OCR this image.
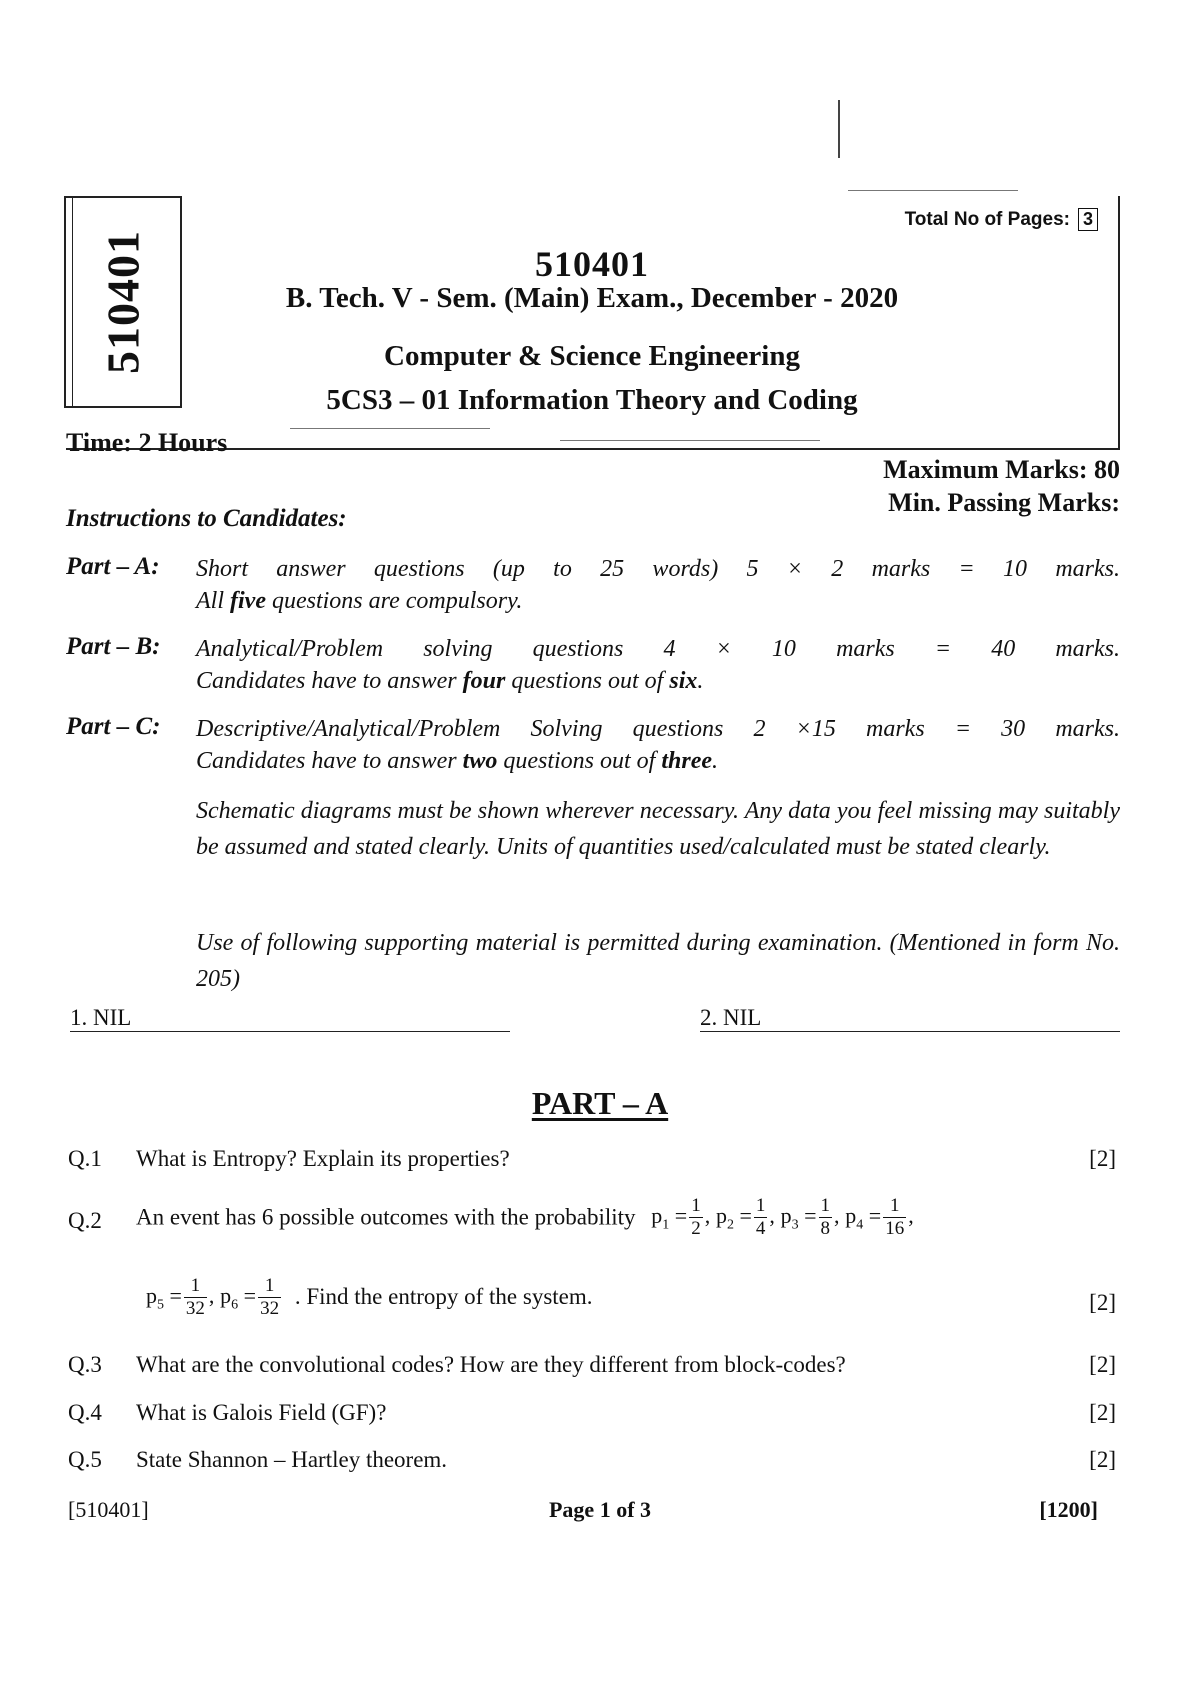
510401
Total No of Pages: 3
510401
B. Tech. V - Sem. (Main) Exam., December - 2020
Computer & Science Engineering
5CS3 – 01 Information Theory and Coding
Time: 2 Hours
Maximum Marks: 80
Min. Passing Marks:
Instructions to Candidates:
Part – A: Short answer questions (up to 25 words) 5 × 2 marks = 10 marks.
All five questions are compulsory.
Part – B: Analytical/Problem solving questions 4 × 10 marks = 40 marks.
Candidates have to answer four questions out of six.
Part – C: Descriptive/Analytical/Problem Solving questions 2 ×15 marks = 30 marks.
Candidates have to answer two questions out of three.
Schematic diagrams must be shown wherever necessary. Any data you feel missing may suitably be assumed and stated clearly. Units of quantities used/calculated must be stated clearly.
Use of following supporting material is permitted during examination. (Mentioned in form No. 205)
1. NIL	2. NIL
PART – A
Q.1 What is Entropy? Explain its properties?	[2]
Q.2 An event has 6 possible outcomes with the probability $p_1 = \frac{1}{2}$ , $p_2 = \frac{1}{4}$ , $p_3 = \frac{1}{8}$ , $p_4 = \frac{1}{16}$ ,
$p_5 = \frac{1}{32}$ , $p_6 = \frac{1}{32}$ . Find the entropy of the system.	[2]
Q.3 What are the convolutional codes? How are they different from block-codes?	[2]
Q.4 What is Galois Field (GF)?	[2]
Q.5 State Shannon – Hartley theorem.	[2]
[510401]	Page 1 of 3	[1200]
